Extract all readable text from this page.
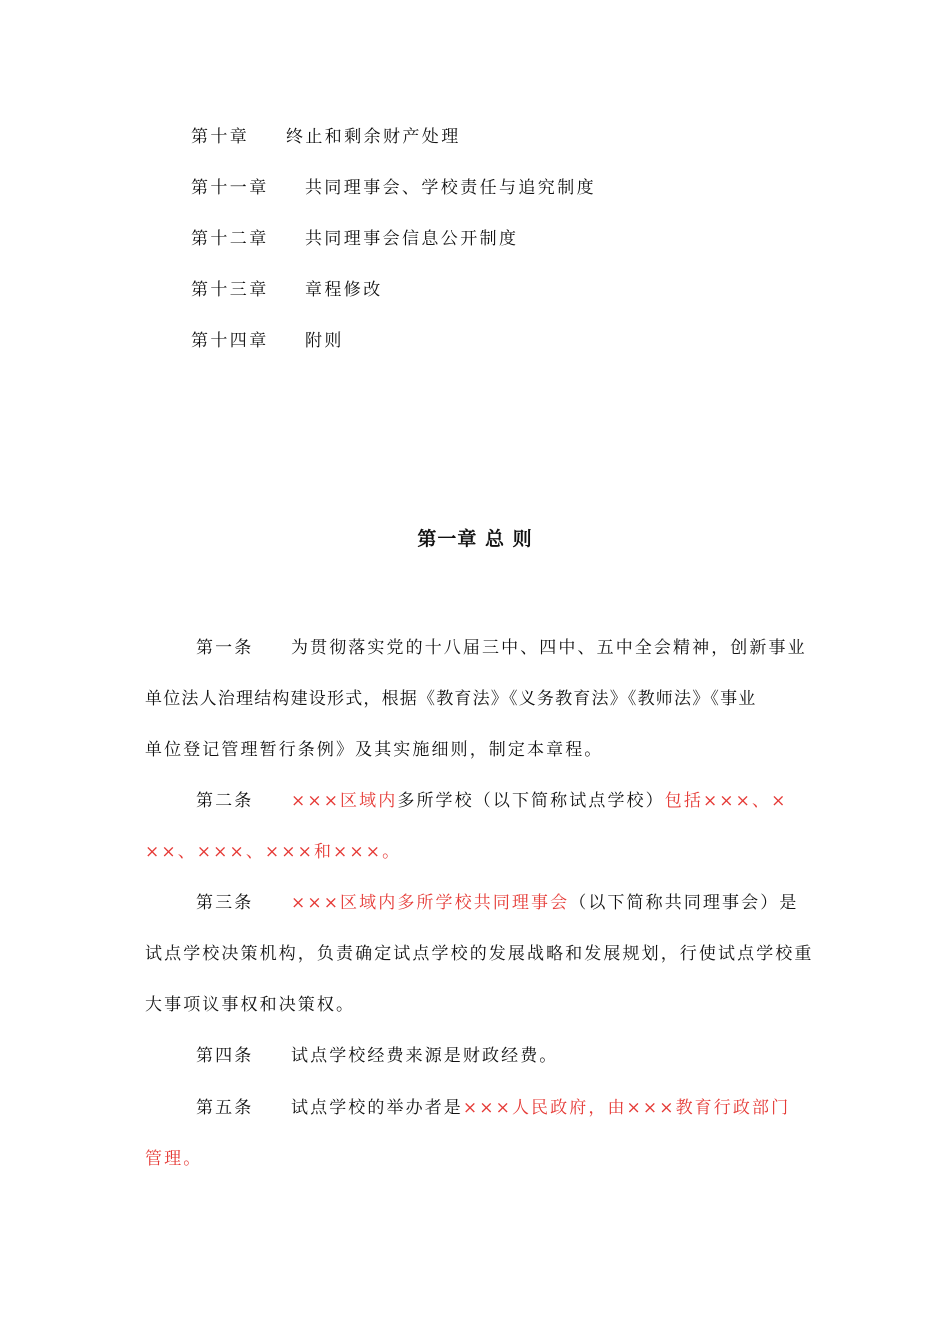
第十章 终止和剩余财产处理
第十一章 共同理事会、学校责任与追究制度
第十二章 共同理事会信息公开制度
第十三章 章程修改
第十四章 附则
第一章 总 则
第一条 为贯彻落实党的十八届三中、四中、五中全会精神，创新事业
单位法人治理结构建设形式，根据《教育法》《义务教育法》《教师法》《事业
单位登记管理暂行条例》及其实施细则，制定本章程。
第二条 ×××区域内多所学校（以下简称试点学校）包括×××、×
××、×××、×××和×××。
第三条 ×××区域内多所学校共同理事会（以下简称共同理事会）是
试点学校决策机构，负责确定试点学校的发展战略和发展规划，行使试点学校重
大事项议事权和决策权。
第四条 试点学校经费来源是财政经费。
第五条 试点学校的举办者是×××人民政府，由×××教育行政部门
管理。
